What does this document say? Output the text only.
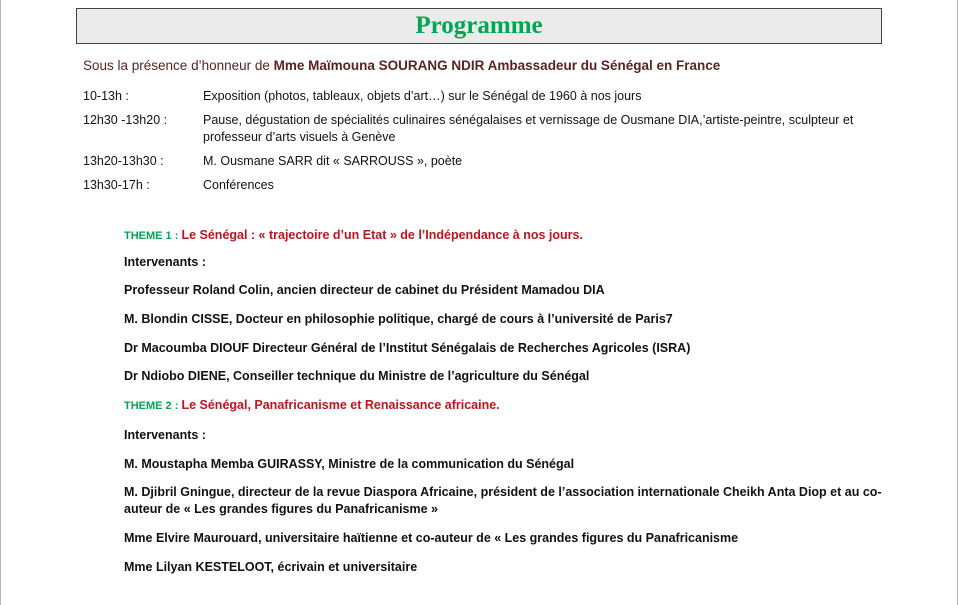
Programme
Sous la présence d’honneur de Mme Maïmouna SOURANG NDIR Ambassadeur du Sénégal en France
10-13h :	Exposition (photos, tableaux, objets d’art…) sur le Sénégal de 1960 à nos jours
12h30 -13h20 :	Pause, dégustation de spécialités culinaires sénégalaises et vernissage de Ousmane DIA,’artiste-peintre, sculpteur et professeur d’arts visuels à Genève
13h20-13h30 :	M. Ousmane SARR dit « SARROUSS », poète
13h30-17h :	Conférences
THEME 1 : Le Sénégal : « trajectoire d’un Etat » de l’Indépendance à nos jours.
Intervenants :
Professeur Roland Colin, ancien directeur de cabinet du Président Mamadou DIA
M. Blondin CISSE, Docteur en philosophie politique, chargé de cours à l’université de Paris7
Dr Macoumba DIOUF Directeur Général de l’Institut Sénégalais de Recherches Agricoles (ISRA)
Dr Ndiobo DIENE, Conseiller technique du Ministre de l’agriculture du Sénégal
THEME 2 : Le Sénégal, Panafricanisme et Renaissance africaine.
Intervenants :
M. Moustapha Memba GUIRASSY, Ministre de la communication du Sénégal
M. Djibril Gningue, directeur de la revue Diaspora Africaine, président de l’association internationale Cheikh Anta Diop et au co-auteur de « Les grandes figures du Panafricanisme »
Mme Elvire Maurouard, universitaire haïtienne et co-auteur de « Les grandes figures du Panafricanisme
Mme Lilyan KESTELOOT, écrivain et universitaire
